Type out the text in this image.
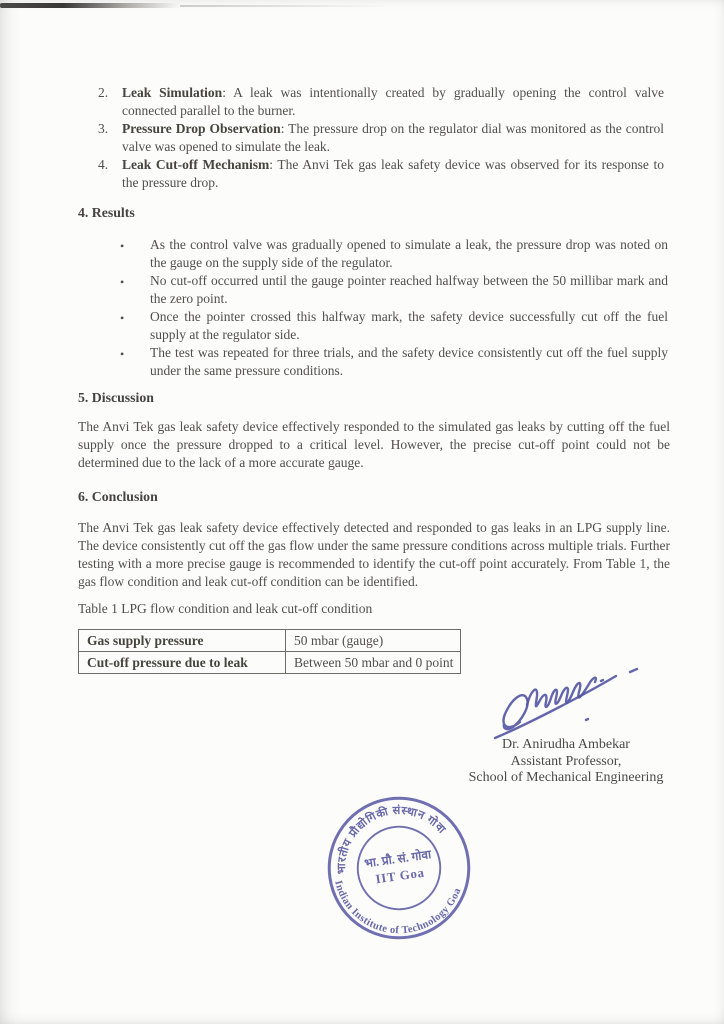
2.	Leak Simulation: A leak was intentionally created by gradually opening the control valve connected parallel to the burner.
3.	Pressure Drop Observation: The pressure drop on the regulator dial was monitored as the control valve was opened to simulate the leak.
4.	Leak Cut-off Mechanism: The Anvi Tek gas leak safety device was observed for its response to the pressure drop.
4. Results
•	As the control valve was gradually opened to simulate a leak, the pressure drop was noted on the gauge on the supply side of the regulator.
•	No cut-off occurred until the gauge pointer reached halfway between the 50 millibar mark and the zero point.
•	Once the pointer crossed this halfway mark, the safety device successfully cut off the fuel supply at the regulator side.
•	The test was repeated for three trials, and the safety device consistently cut off the fuel supply under the same pressure conditions.
5. Discussion

The Anvi Tek gas leak safety device effectively responded to the simulated gas leaks by cutting off the fuel supply once the pressure dropped to a critical level. However, the precise cut-off point could not be determined due to the lack of a more accurate gauge.

6. Conclusion

The Anvi Tek gas leak safety device effectively detected and responded to gas leaks in an LPG supply line. The device consistently cut off the gas flow under the same pressure conditions across multiple trials. Further testing with a more precise gauge is recommended to identify the cut-off point accurately. From Table 1, the gas flow condition and leak cut-off condition can be identified.

Table 1 LPG flow condition and leak cut-off condition
Gas supply pressure	50 mbar (gauge)
Cut-off pressure due to leak	Between 50 mbar and 0 point
Dr. Anirudha Ambekar
Assistant Professor,
School of Mechanical Engineering
भारतीय प्रौद्योगिकी संस्थान गोवा
Indian Institute of Technology Goa
भा. प्रौ. सं. गोवा
IIT Goa
